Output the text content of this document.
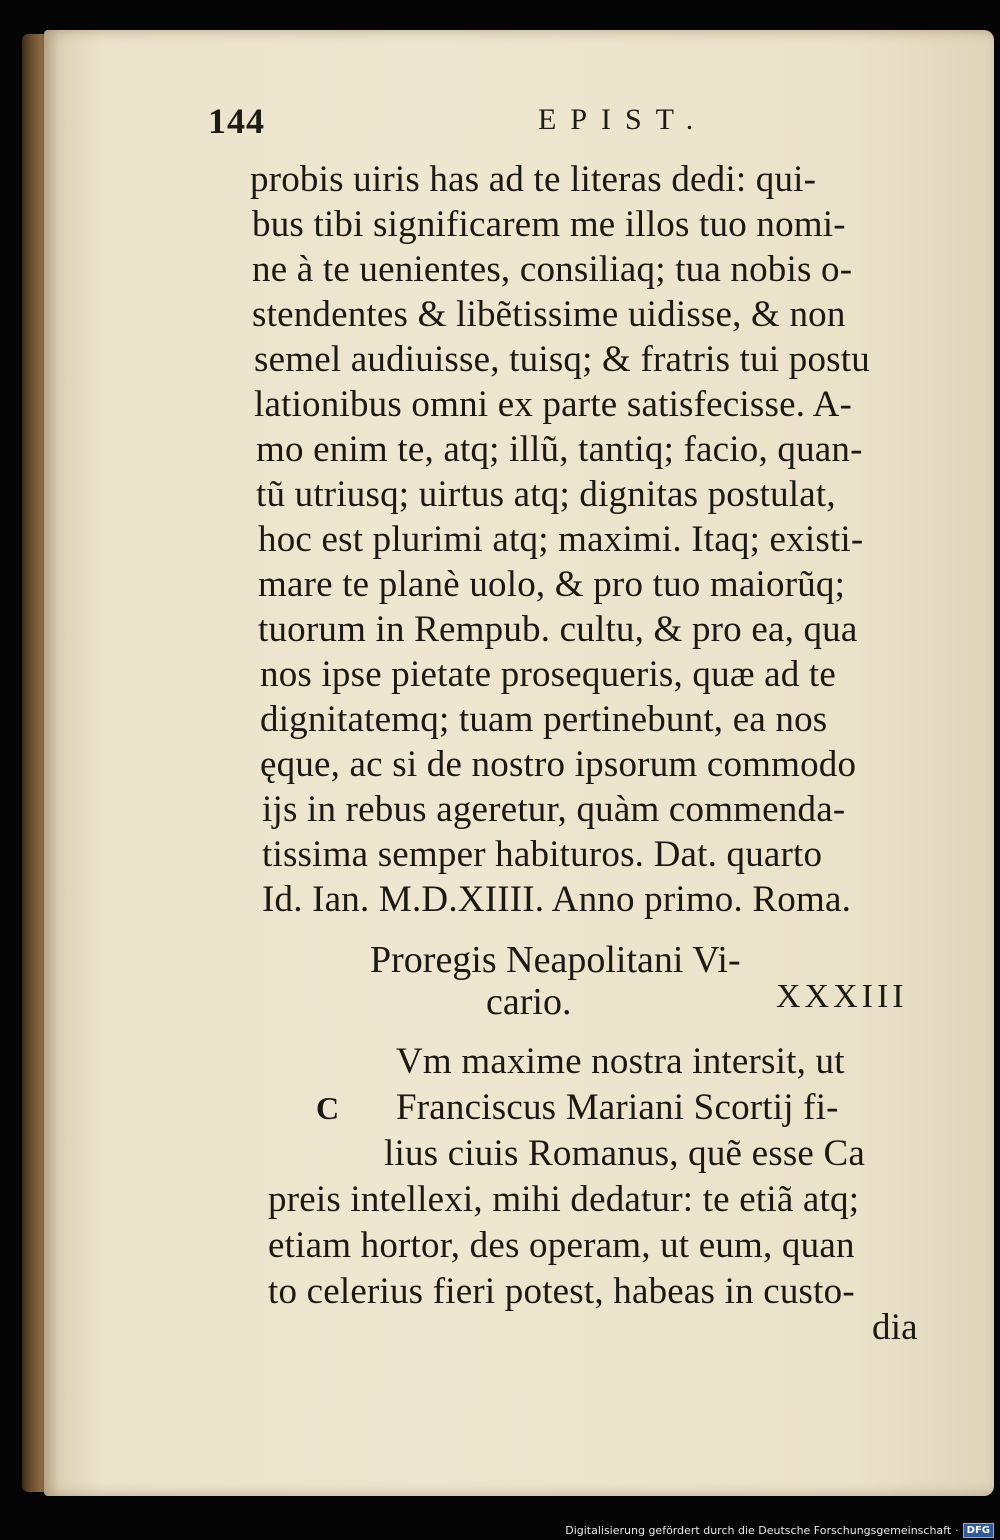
144	EPIST.
probis uiris has ad te literas dedi: qui-
bus tibi significarem me illos tuo nomi-
ne à te uenientes, consiliaq; tua nobis o-
stendentes & libẽtissime uidisse, & non
semel audiuisse, tuisq; & fratris tui postu
lationibus omni ex parte satisfecisse. A-
mo enim te, atq; illũ, tantiq; facio, quan-
tũ utriusq; uirtus atq; dignitas postulat,
hoc est plurimi atq; maximi. Itaq; existi-
mare te planè uolo, & pro tuo maiorũq;
tuorum in Rempub. cultu, & pro ea, qua
nos ipse pietate prosequeris, quæ ad te
dignitatemq; tuam pertinebunt, ea nos
ęque, ac si de nostro ipsorum commodo
ijs in rebus ageretur, quàm commenda-
tissima semper habituros. Dat. quarto
Id. Ian. M.D.XIIII. Anno primo. Roma.
Proregis Neapolitani Vi-
cario.	XXXIII
C
Vm maxime nostra intersit, ut
Franciscus Mariani Scortij fi-
lius ciuis Romanus, quẽ esse Ca
preis intellexi, mihi dedatur: te etiã atq;
etiam hortor, des operam, ut eum, quan
to celerius fieri potest, habeas in custo-
dia
Digitalisierung gefördert durch die Deutsche Forschungsgemeinschaft · DFG
